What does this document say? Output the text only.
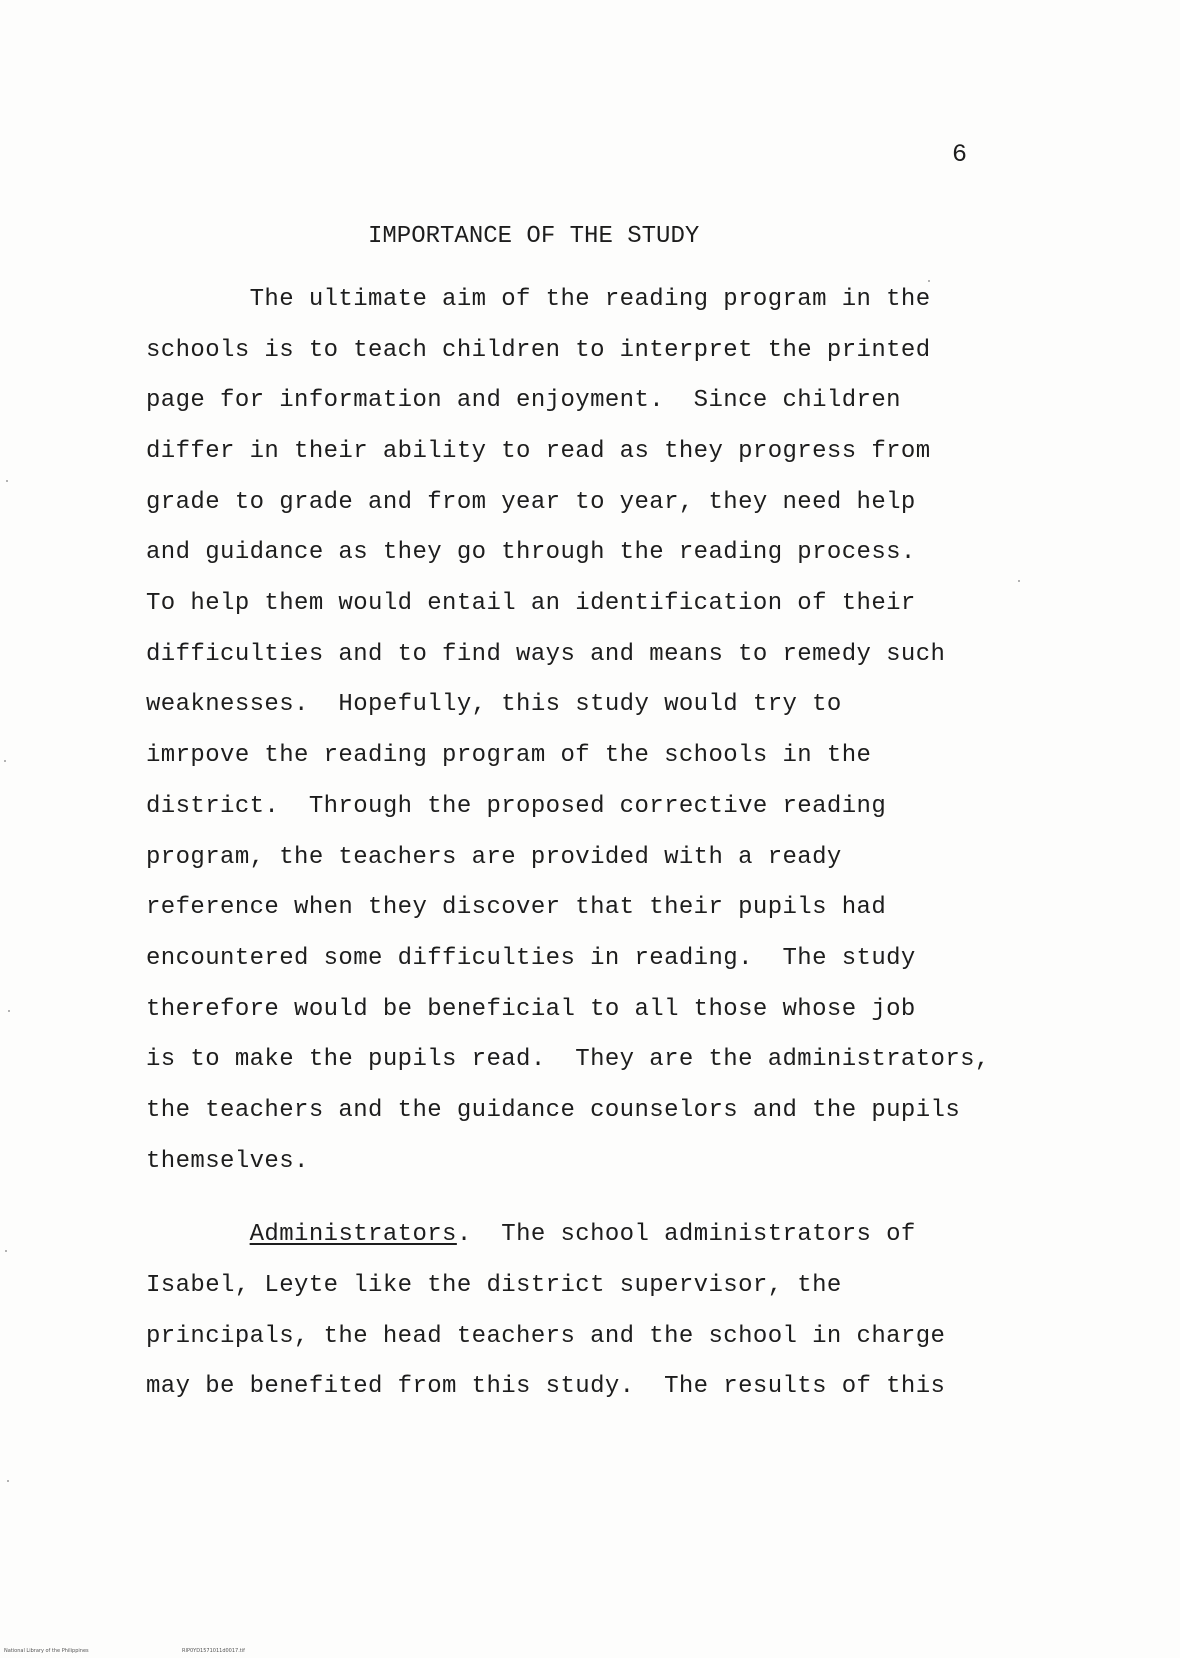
6
IMPORTANCE OF THE STUDY
The ultimate aim of the reading program in the
schools is to teach children to interpret the printed
page for information and enjoyment.  Since children
differ in their ability to read as they progress from
grade to grade and from year to year, they need help
and guidance as they go through the reading process.
To help them would entail an identification of their
difficulties and to find ways and means to remedy such
weaknesses.  Hopefully, this study would try to
imrpove the reading program of the schools in the
district.  Through the proposed corrective reading
program, the teachers are provided with a ready
reference when they discover that their pupils had
encountered some difficulties in reading.  The study
therefore would be beneficial to all those whose job
is to make the pupils read.  They are the administrators,
the teachers and the guidance counselors and the pupils
themselves.
Administrators.  The school administrators of
Isabel, Leyte like the district supervisor, the
principals, the head teachers and the school in charge
may be benefited from this study.  The results of this
National Library of the Philippines	RIP0YD1571011d0017.tif
